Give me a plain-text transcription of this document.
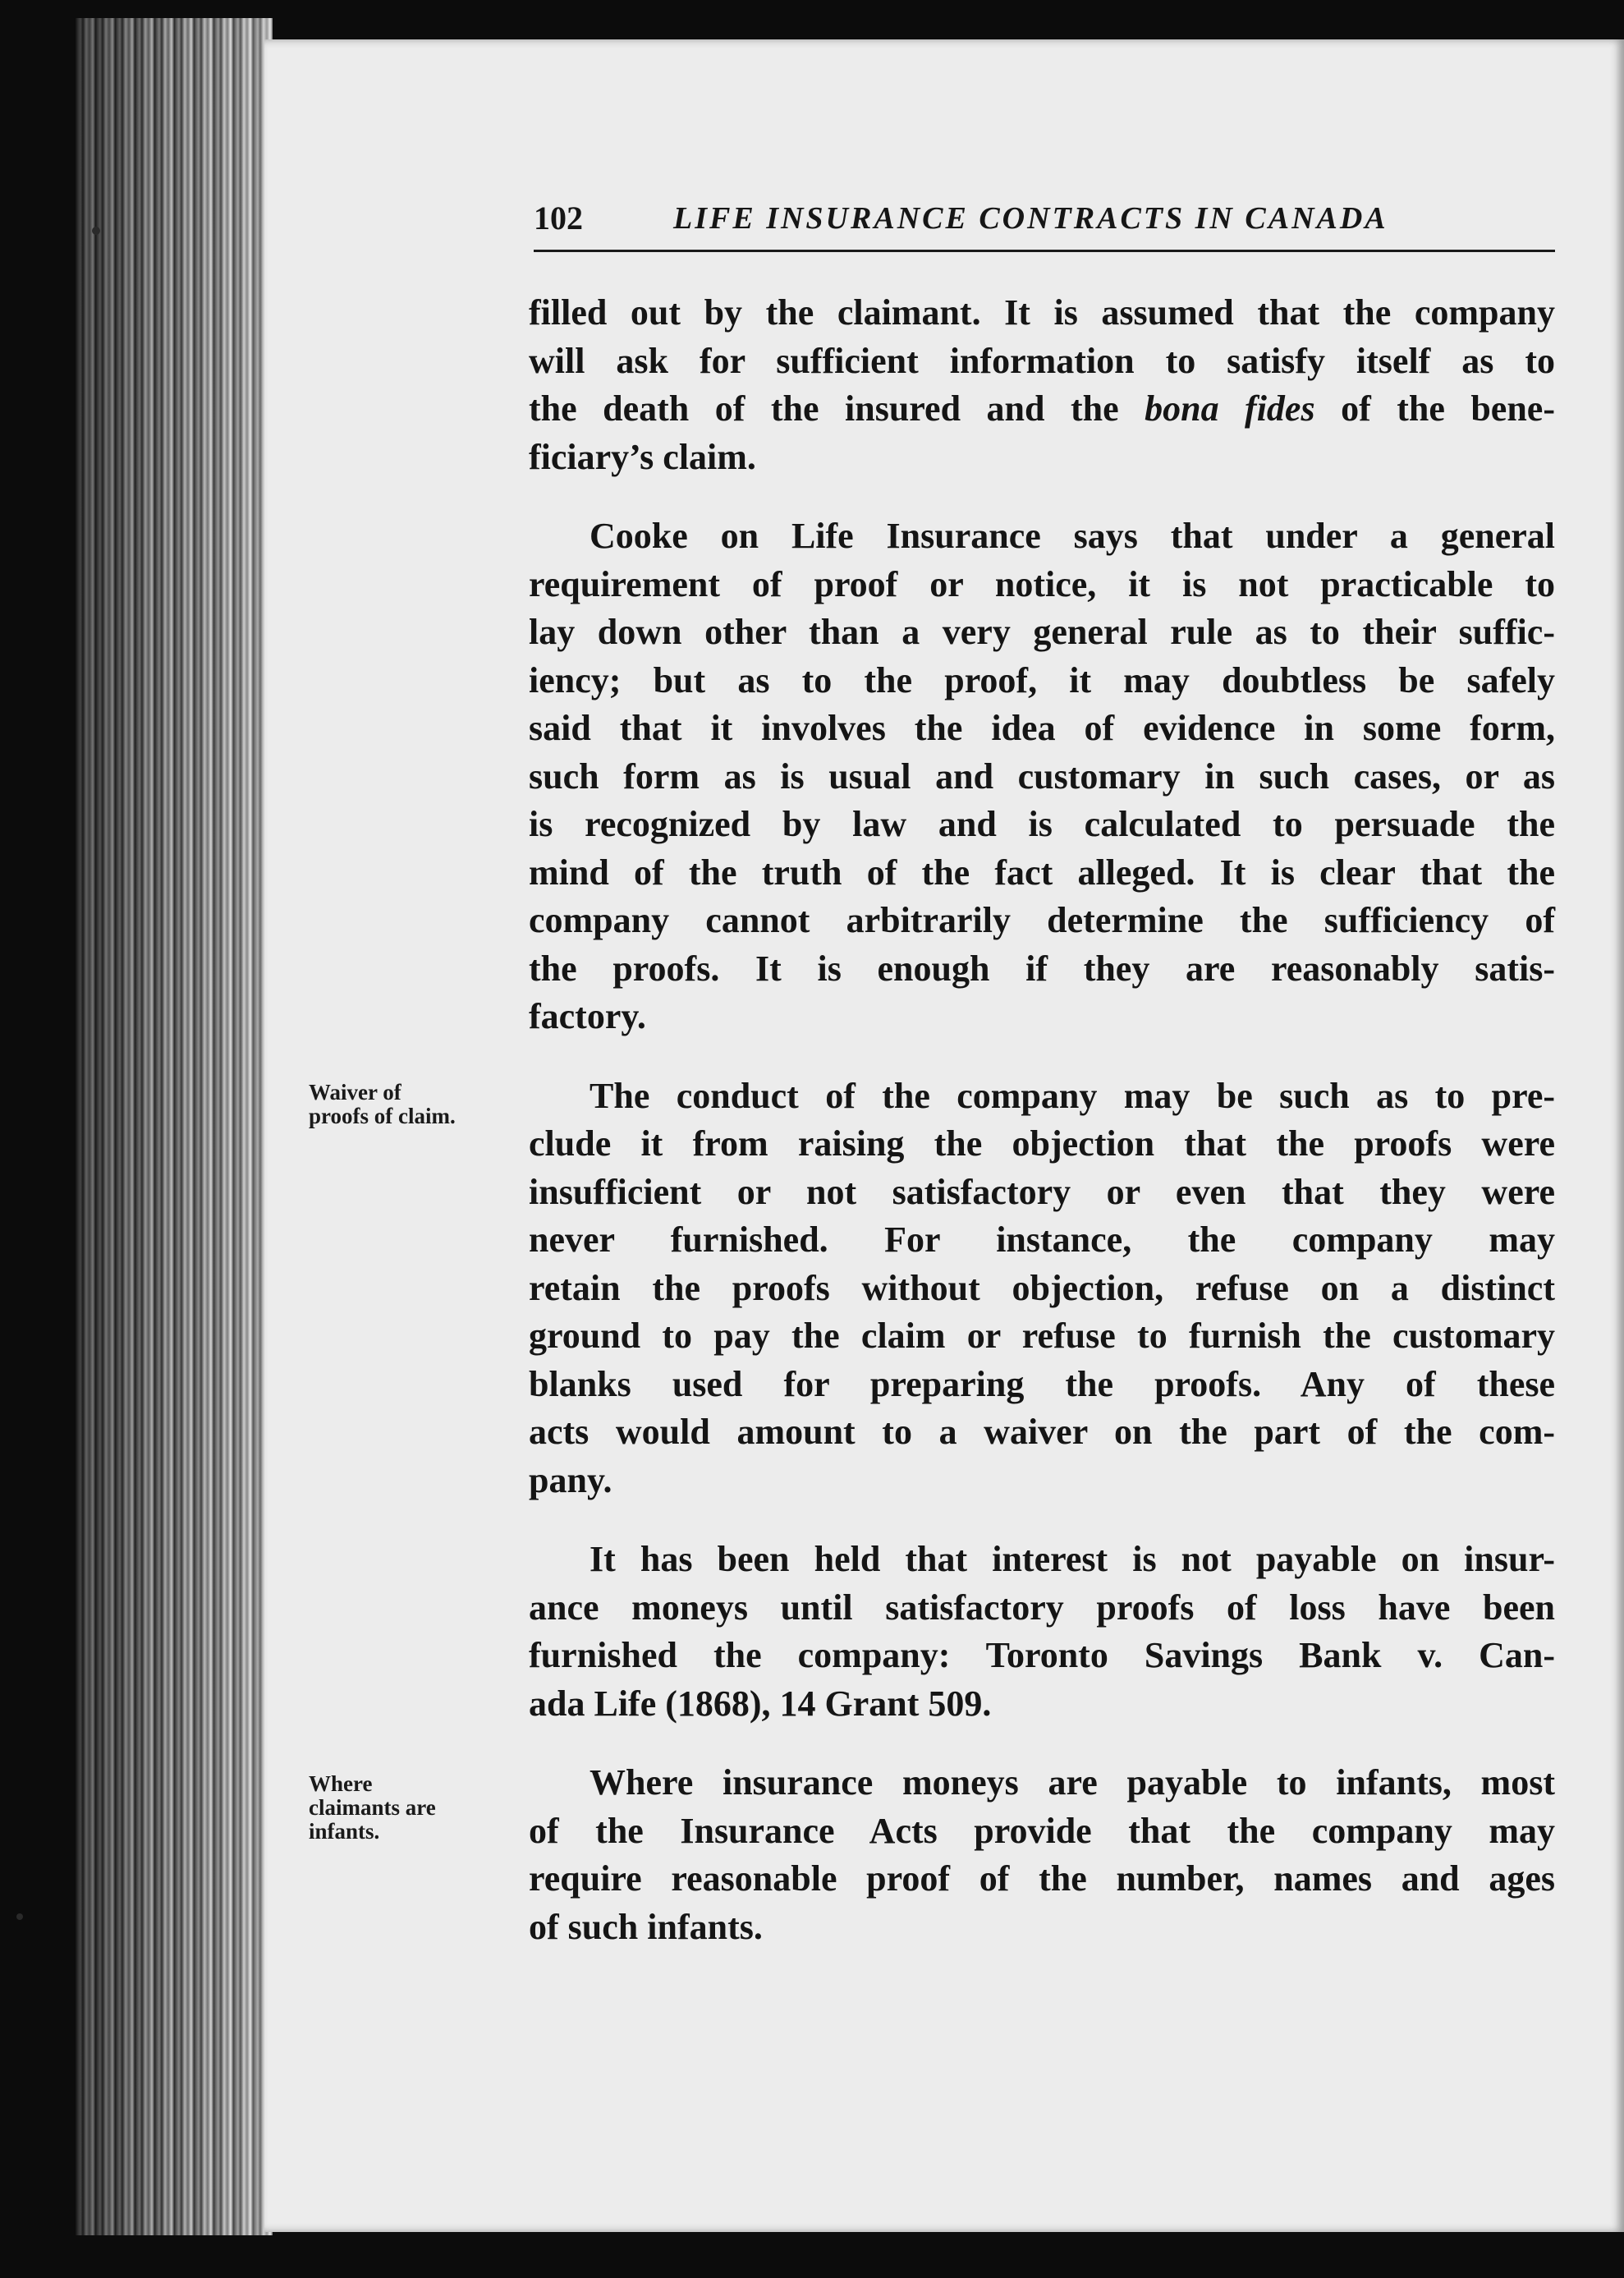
102	LIFE INSURANCE CONTRACTS IN CANADA
Waiver of
proofs of claim.
Where
claimants are
infants.
filled out by the claimant. It is assumed that the company
will ask for sufficient information to satisfy itself as to
the death of the insured and the bona fides of the bene-
ficiary’s claim.
Cooke on Life Insurance says that under a general
requirement of proof or notice, it is not practicable to
lay down other than a very general rule as to their suffic-
iency; but as to the proof, it may doubtless be safely
said that it involves the idea of evidence in some form,
such form as is usual and customary in such cases, or as
is recognized by law and is calculated to persuade the
mind of the truth of the fact alleged. It is clear that the
company cannot arbitrarily determine the sufficiency of
the proofs. It is enough if they are reasonably satis-
factory.
The conduct of the company may be such as to pre-
clude it from raising the objection that the proofs were
insufficient or not satisfactory or even that they were
never furnished. For instance, the company may
retain the proofs without objection, refuse on a distinct
ground to pay the claim or refuse to furnish the customary
blanks used for preparing the proofs. Any of these
acts would amount to a waiver on the part of the com-
pany.
It has been held that interest is not payable on insur-
ance moneys until satisfactory proofs of loss have been
furnished the company: Toronto Savings Bank v. Can-
ada Life (1868), 14 Grant 509.
Where insurance moneys are payable to infants, most
of the Insurance Acts provide that the company may
require reasonable proof of the number, names and ages
of such infants.
